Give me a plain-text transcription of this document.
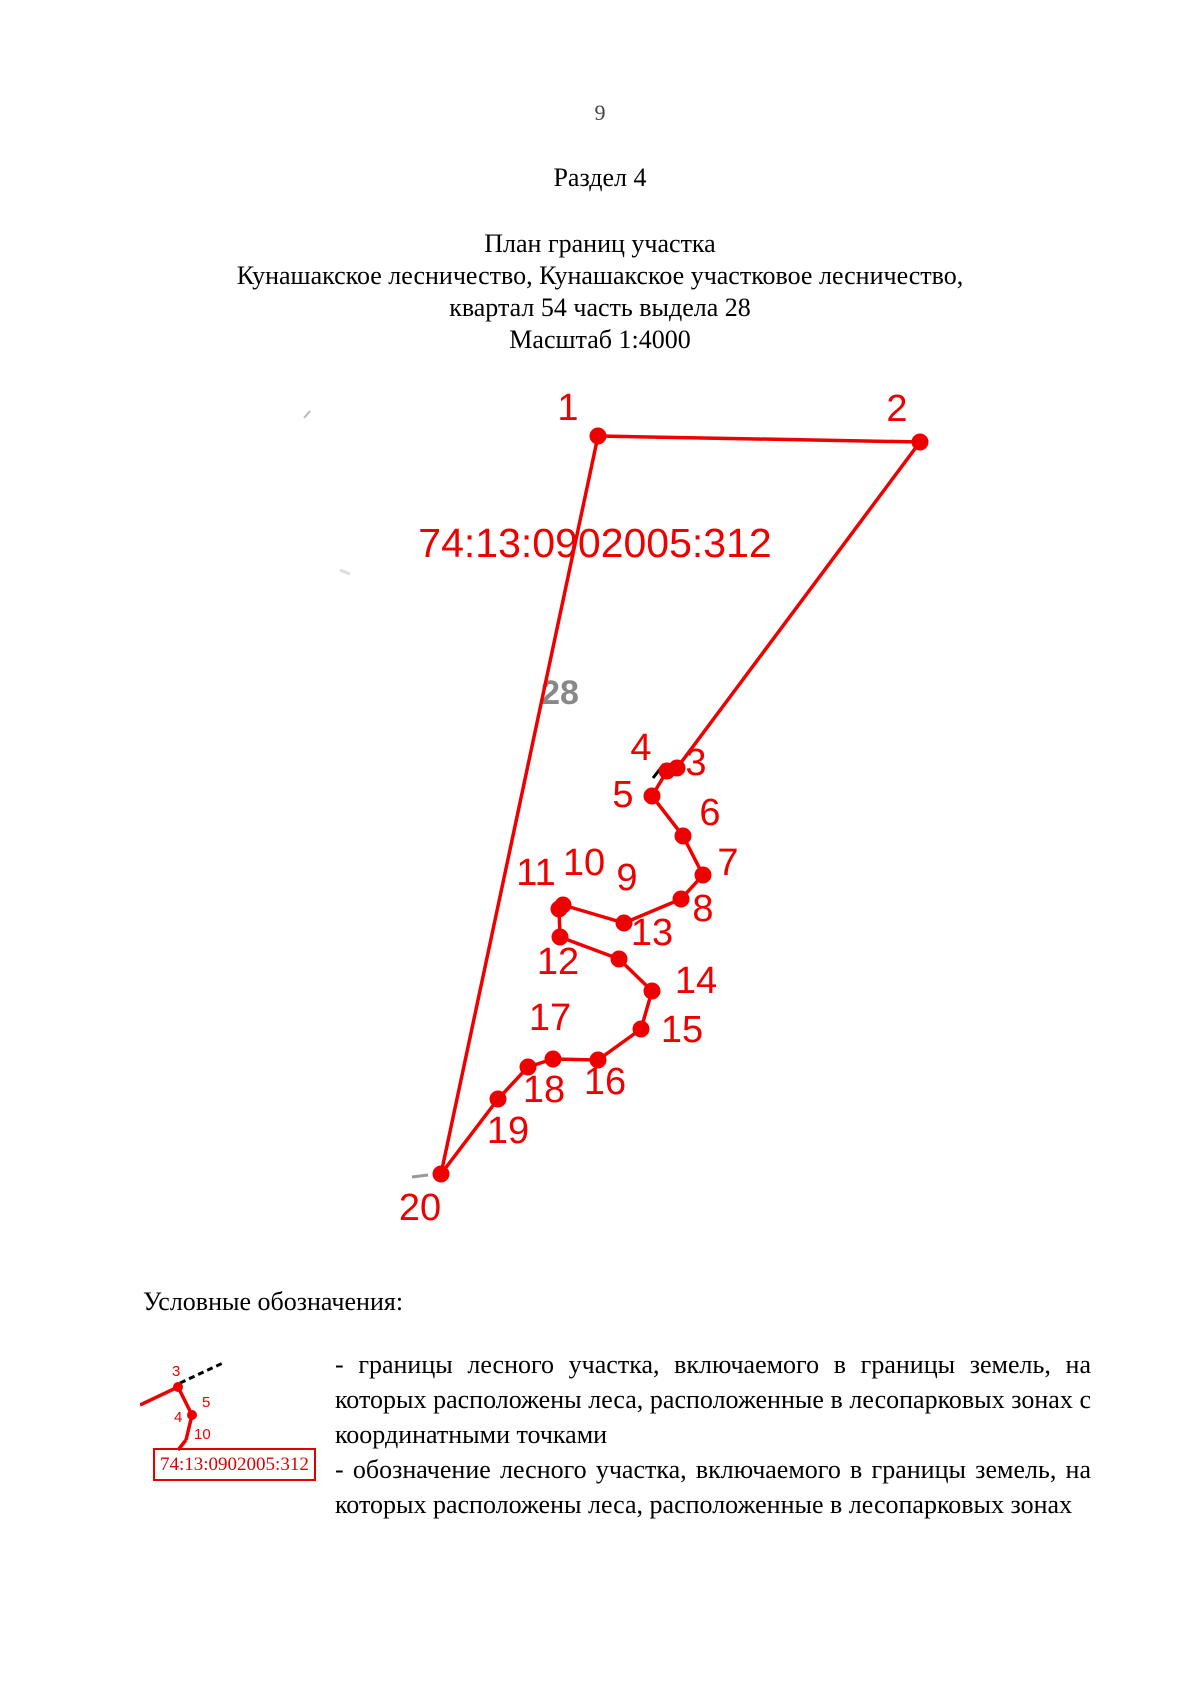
9
Раздел 4
План границ участка
Кунашакское лесничество, Кунашакское участковое лесничество,
квартал 54 часть выдела 28
Масштаб 1:4000
28
1	2
3
4
5 6
7
8
9
10
11
12
13
14
15
16
17
18
19
20
74:13:0902005:312
Условные обозначения:
3
4
5
10
74:13:0902005:312
- границы лесного участка, включаемого в границы земель, на которых расположены леса, расположенные в лесопарковых зонах с координатными точками
- обозначение лесного участка, включаемого в границы земель, на которых расположены леса, расположенные в лесопарковых зонах
